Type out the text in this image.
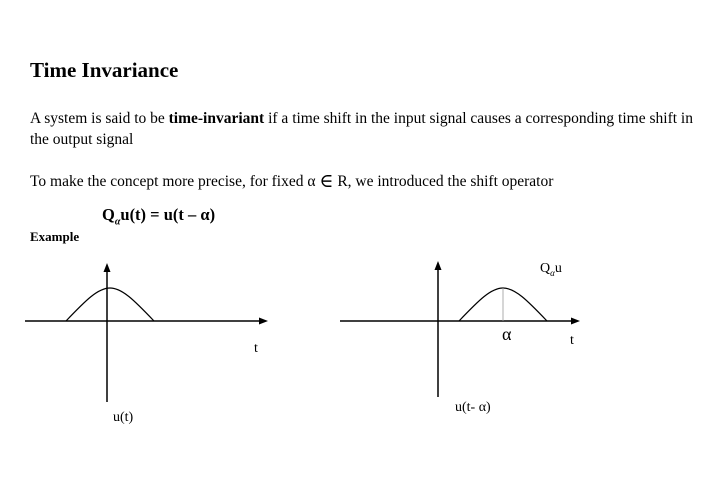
Time Invariance
A system is said to be time-invariant if a time shift in the input signal causes a corresponding time shift in the output signal
To make the concept more precise, for fixed α ∈ R, we introduced the shift operator
$Q_\alpha u(t) = u(t - \alpha)$
Example
t
u(t)
$Q_\alpha u$
α	t
u(t- α)
